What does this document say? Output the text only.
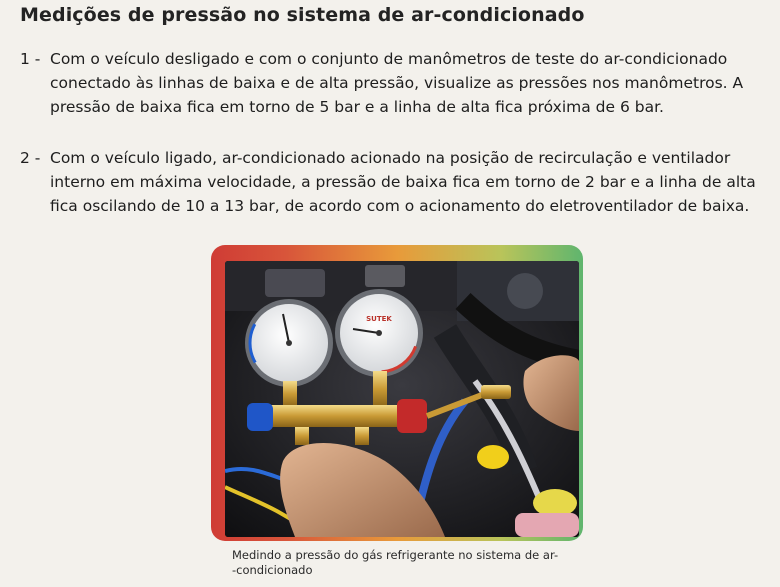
Medições de pressão no sistema de ar-condicionado
1 - Com o veículo desligado e com o conjunto de manômetros de teste do ar-condicionado
conectado às linhas de baixa e de alta pressão, visualize as pressões nos manômetros. A
pressão de baixa fica em torno de 5 bar e a linha de alta fica próxima de 6 bar.
2 - Com o veículo ligado, ar-condicionado acionado na posição de recirculação e ventilador
interno em máxima velocidade, a pressão de baixa fica em torno de 2 bar e a linha de alta
fica oscilando de 10 a 13 bar, de acordo com o acionamento do eletroventilador de baixa.
SUTEK
Medindo a pressão do gás refrigerante no sistema de ar-
-condicionado
